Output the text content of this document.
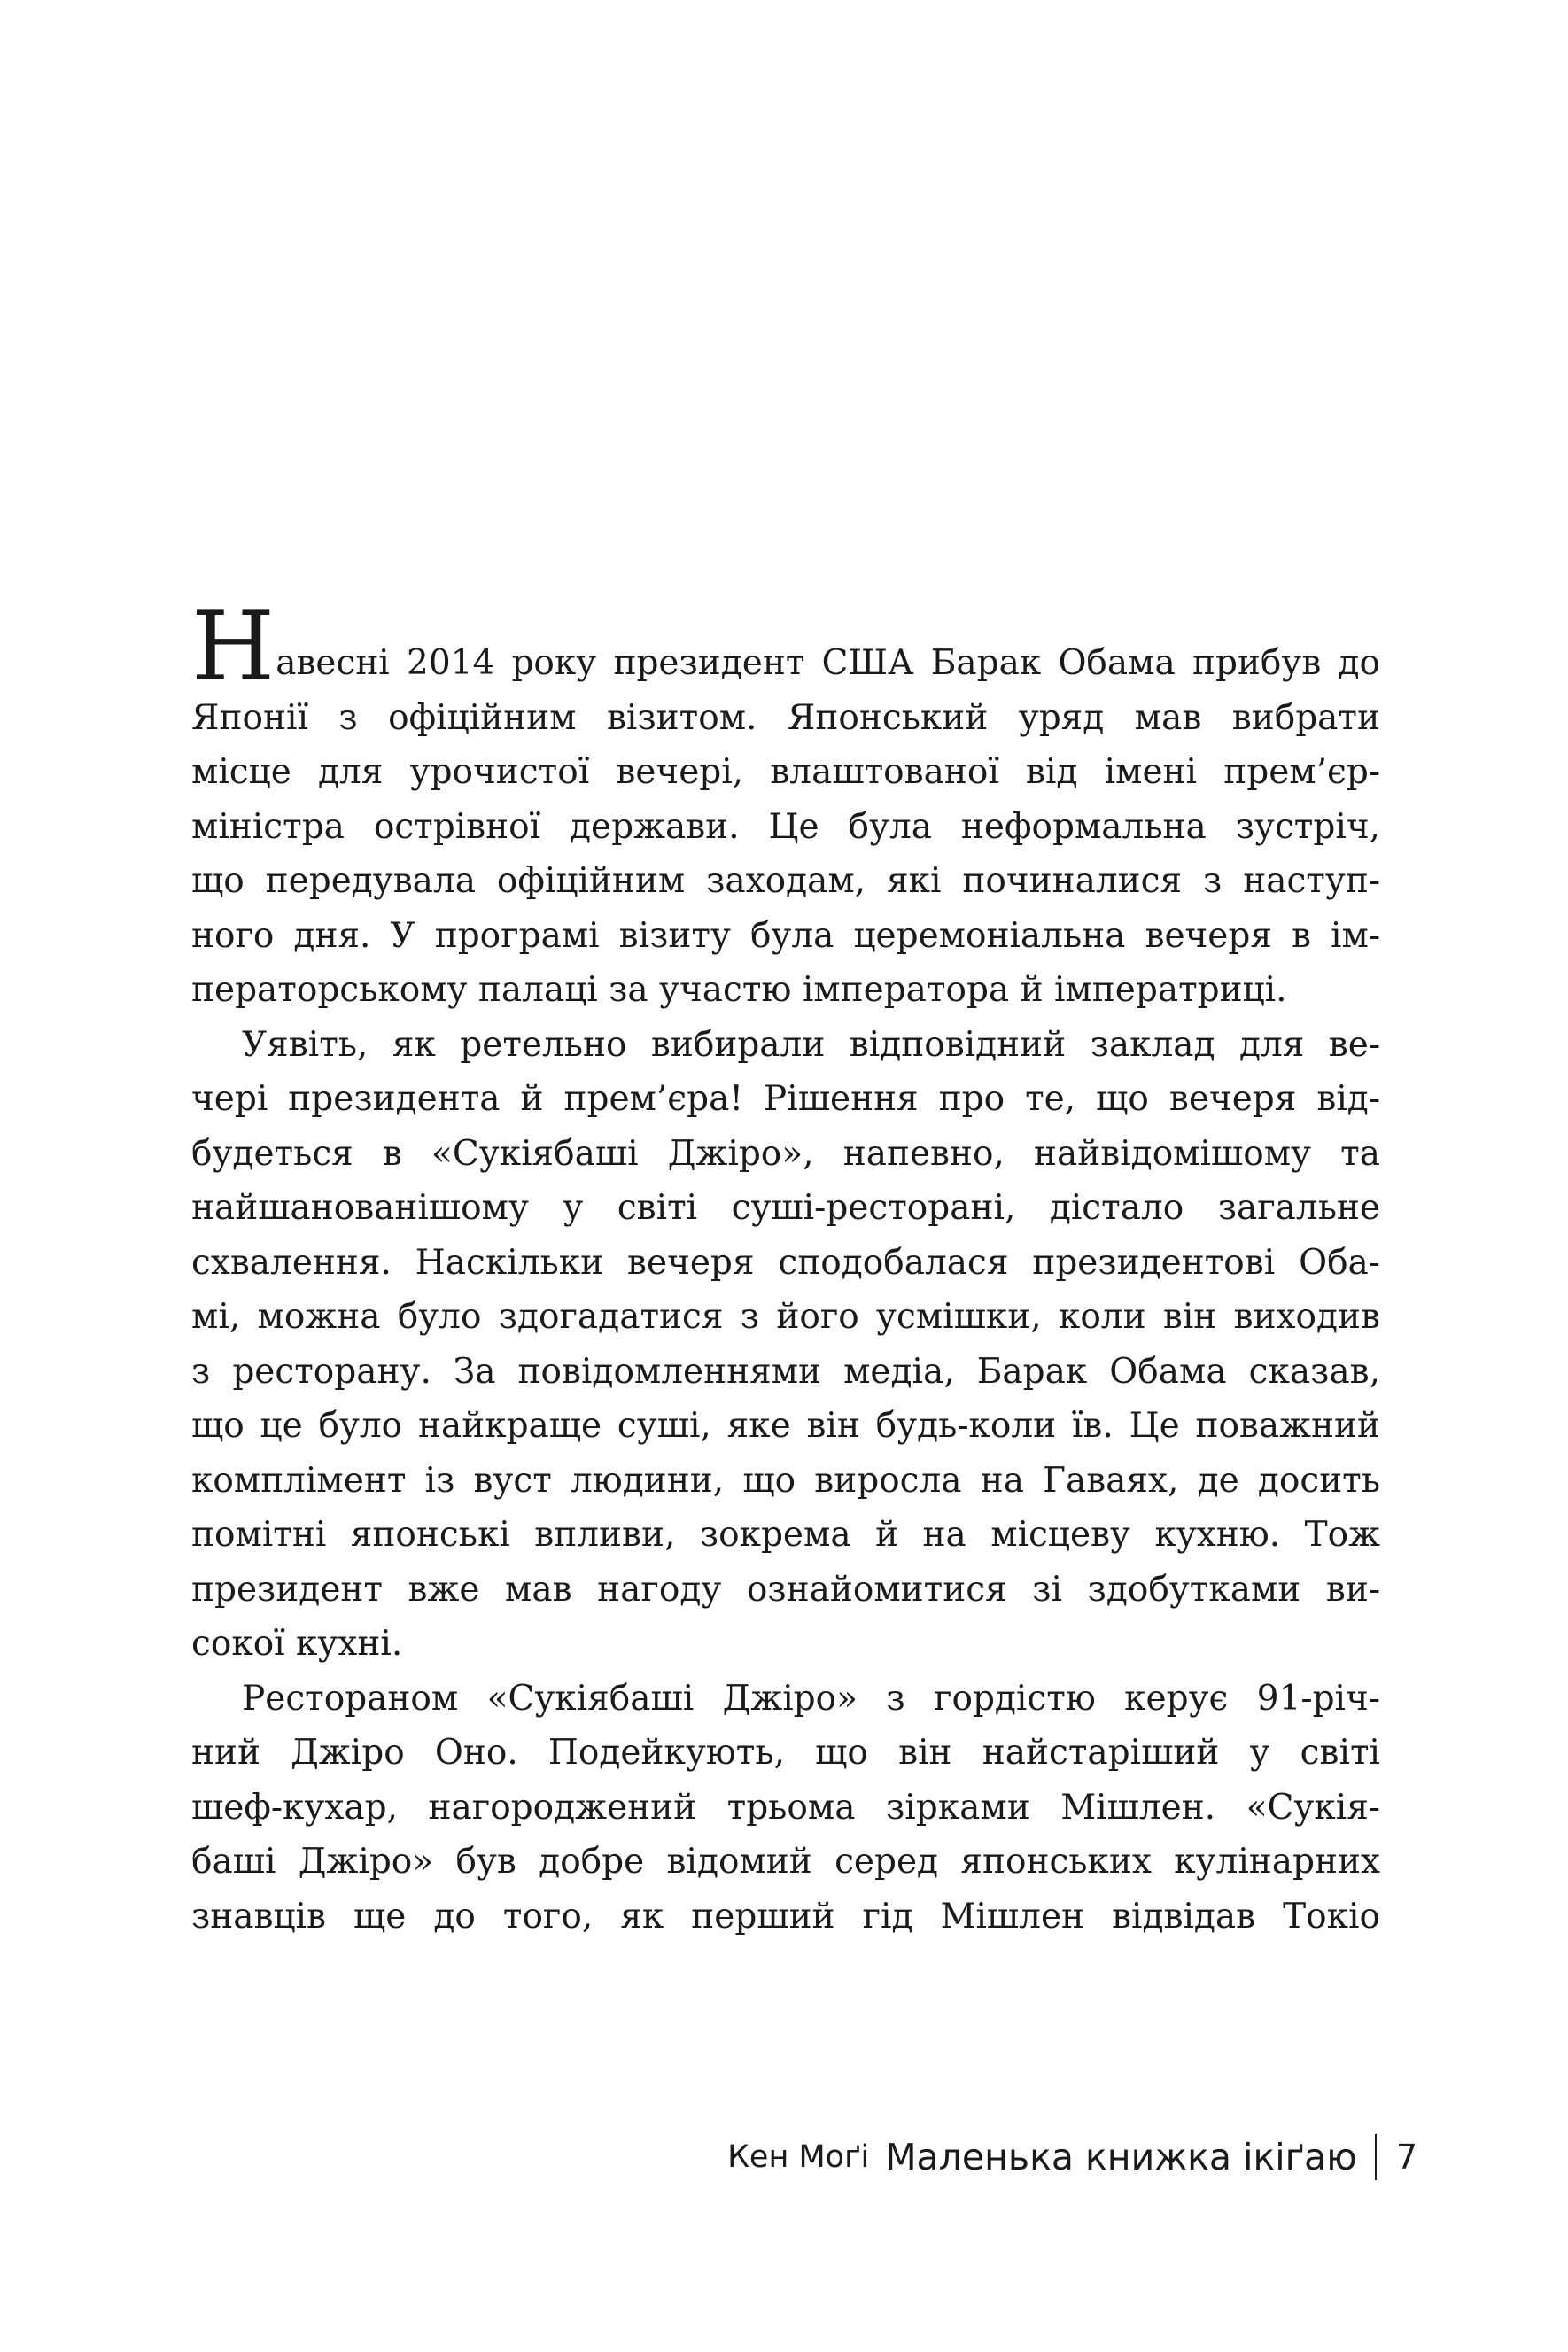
Навесні 2014 року президент США Барак Обама прибув до
Японії з офіційним візитом. Японський уряд мав вибрати
місце для урочистої вечері, влаштованої від імені прем’єр-
міністра острівної держави. Це була неформальна зустріч,
що передувала офіційним заходам, які починалися з наступ-
ного дня. У програмі візиту була церемоніальна вечеря в ім-
ператорському палаці за участю імператора й імператриці.

Уявіть, як ретельно вибирали відповідний заклад для ве-
чері президента й прем’єра! Рішення про те, що вечеря від-
будеться в «Сукіябаші Джіро», напевно, найвідомішому та
найшанованішому у світі суші-ресторані, дістало загальне
схвалення. Наскільки вечеря сподобалася президентові Оба-
мі, можна було здогадатися з його усмішки, коли він виходив
з ресторану. За повідомленнями медіа, Барак Обама сказав,
що це було найкраще суші, яке він будь-коли їв. Це поважний
комплімент із вуст людини, що виросла на Гаваях, де досить
помітні японські впливи, зокрема й на місцеву кухню. Тож
президент вже мав нагоду ознайомитися зі здобутками ви-
сокої кухні.

Рестораном «Сукіябаші Джіро» з гордістю керує 91-річ-
ний Джіро Оно. Подейкують, що він найстаріший у світі
шеф-кухар, нагороджений трьома зірками Мішлен. «Сукія-
баші Джіро» був добре відомий серед японських кулінарних
знавців ще до того, як перший гід Мішлен відвідав Токіо

Кен Моґі Маленька книжка ікіґаю 7
